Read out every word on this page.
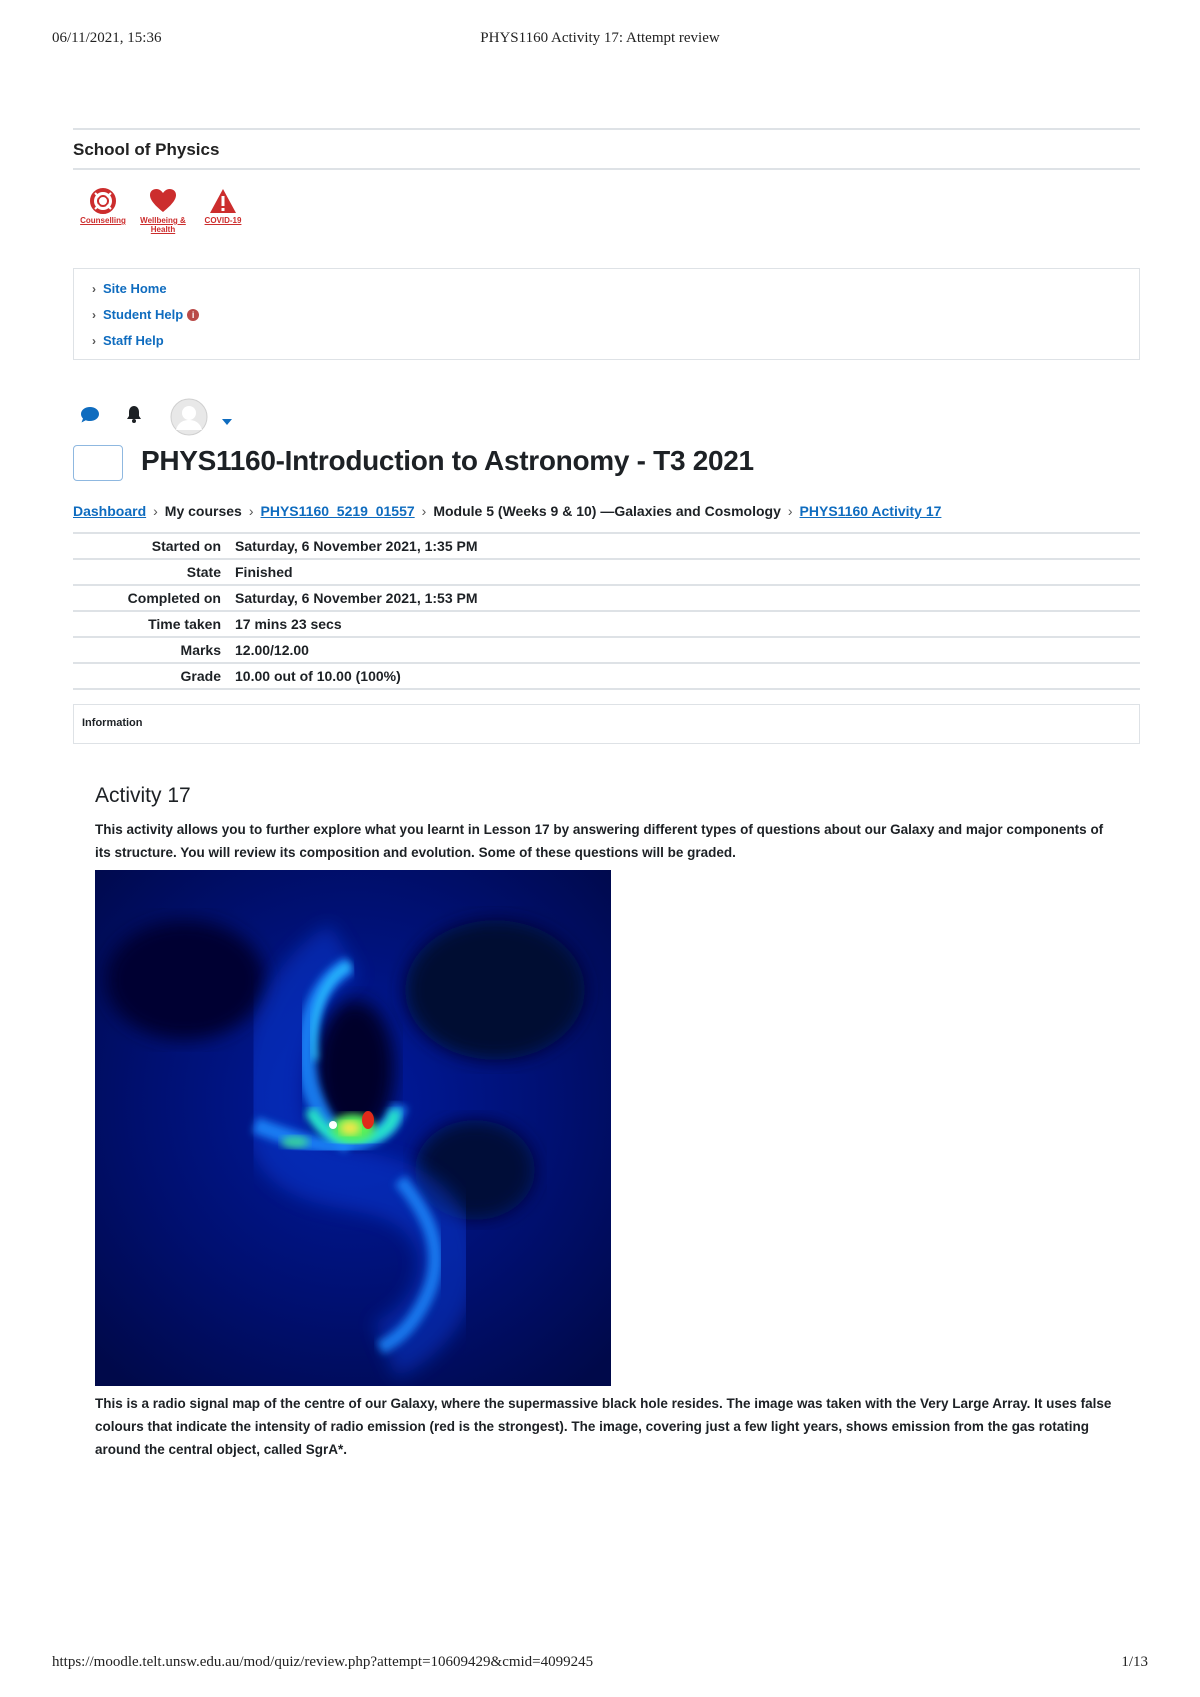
06/11/2021, 15:36	PHYS1160 Activity 17: Attempt review
School of Physics
Counselling	Wellbeing & Health
COVID-19
› Site Home
› Student Help i
› Staff Help
PHYS1160-Introduction to Astronomy - T3 2021
Dashboard › My courses › PHYS1160_5219_01557 › Module 5 (Weeks 9 & 10) —Galaxies and Cosmology › PHYS1160 Activity 17
Started on	Saturday, 6 November 2021, 1:35 PM
State	Finished
Completed on	Saturday, 6 November 2021, 1:53 PM
Time taken	17 mins 23 secs
Marks	12.00/12.00
Grade	10.00 out of 10.00 (100%)
Information
Activity 17

This activity allows you to further explore what you learnt in Lesson 17 by answering different types of questions about our Galaxy and major components of its structure. You will review its composition and evolution. Some of these questions will be graded.

This is a radio signal map of the centre of our Galaxy, where the supermassive black hole resides. The image was taken with the Very Large Array. It uses false colours that indicate the intensity of radio emission (red is the strongest). The image, covering just a few light years, shows emission from the gas rotating around the central object, called SgrA*.

https://moodle.telt.unsw.edu.au/mod/quiz/review.php?attempt=10609429&cmid=4099245	1/13
